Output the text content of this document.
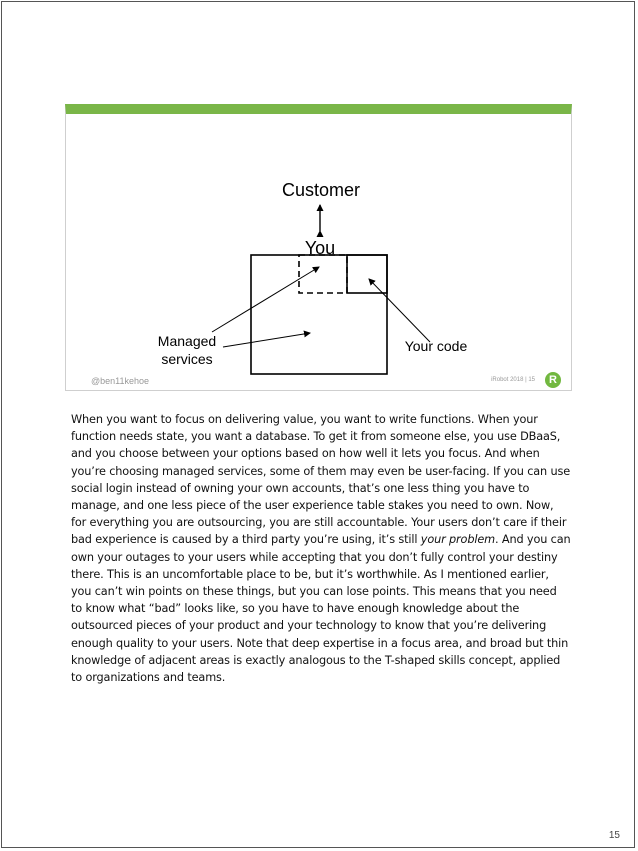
Customer
You
Managed
services
Your code
@ben11kehoe	iRobot 2018 | 15	R

When you want to focus on delivering value, you want to write functions. When your function needs state, you want a database. To get it from someone else, you use DBaaS, and you choose between your options based on how well it lets you focus. And when you’re choosing managed services, some of them may even be user-facing. If you can use social login instead of owning your own accounts, that’s one less thing you have to manage, and one less piece of the user experience table stakes you need to own. Now, for everything you are outsourcing, you are still accountable. Your users don’t care if their bad experience is caused by a third party you’re using, it’s still your problem. And you can own your outages to your users while accepting that you don’t fully control your destiny there. This is an uncomfortable place to be, but it’s worthwhile. As I mentioned earlier, you can’t win points on these things, but you can lose points. This means that you need to know what “bad” looks like, so you have to have enough knowledge about the outsourced pieces of your product and your technology to know that you’re delivering enough quality to your users. Note that deep expertise in a focus area, and broad but thin knowledge of adjacent areas is exactly analogous to the T-shaped skills concept, applied to organizations and teams.

15
